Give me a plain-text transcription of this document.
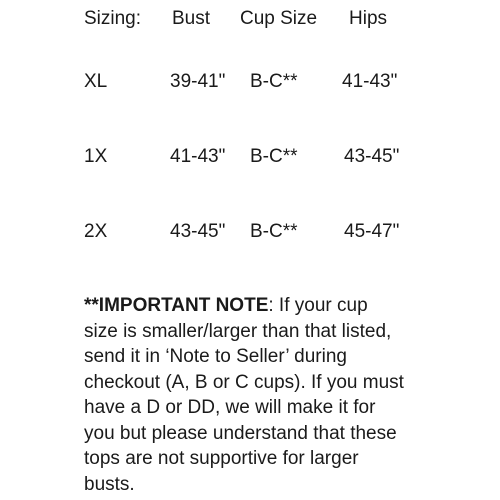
Sizing: Bust Cup Size Hips
XL	39-41" B-C** 41-43"
1X	41-43" B-C** 43-45"
2X	43-45" B-C** 45-47"
**IMPORTANT NOTE: If your cup
size is smaller/larger than that listed,
send it in ‘Note to Seller’ during
checkout (A, B or C cups). If you must
have a D or DD, we will make it for
you but please understand that these
tops are not supportive for larger
busts.
